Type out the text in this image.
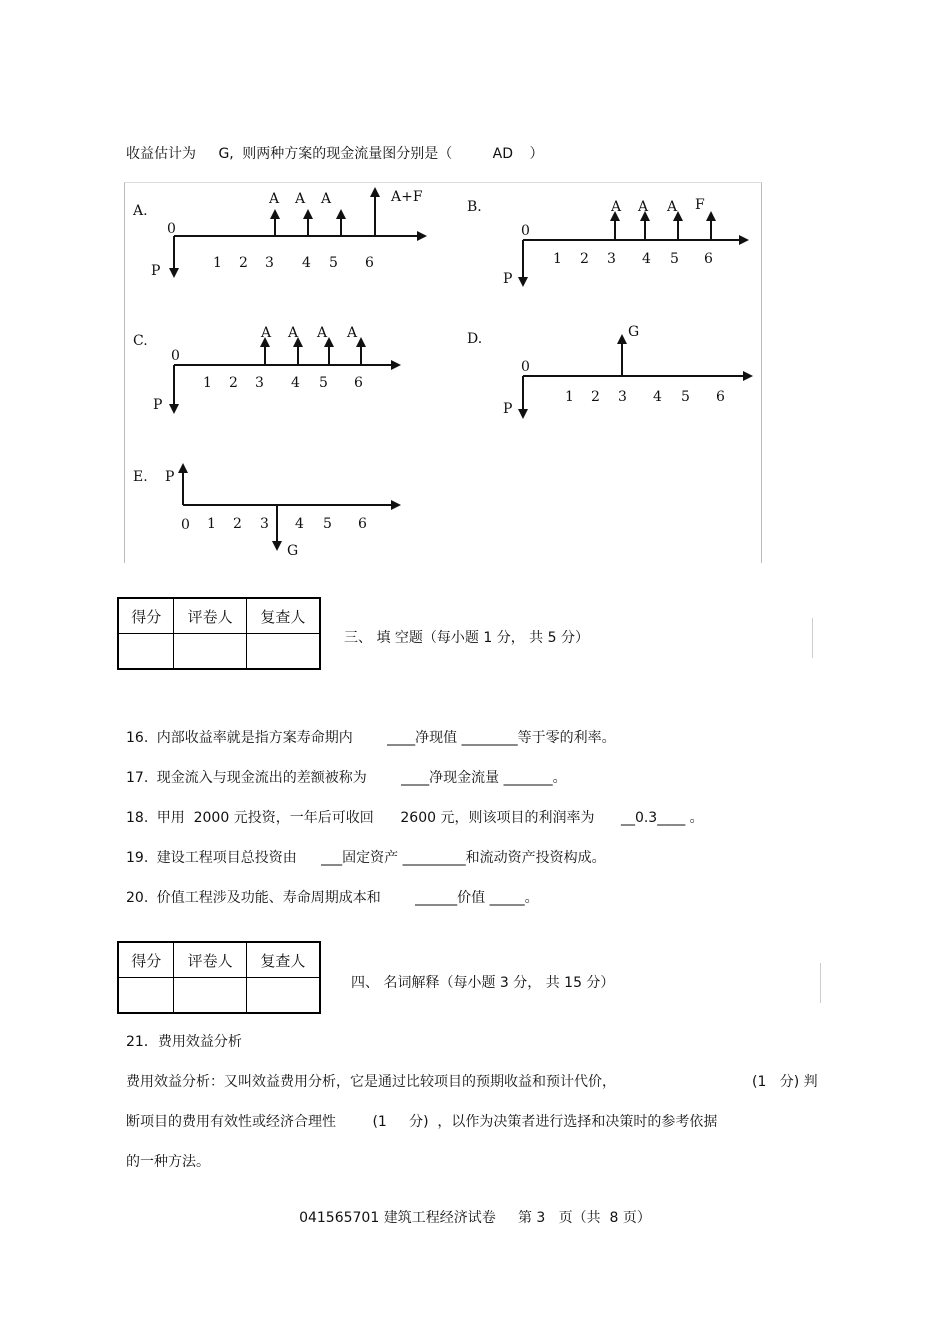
收益估计为 G, 则两种方案的现金流量图分别是（	AD ）
A.
0
P	1 2 3 4 5 6
A A A	A+F
B.
0
P
1 2 3 4 5 6
A A A F
C.
0
P
1 2 3 4 5 6
A A A A	D.
0
P
1 2 3 4 5 6
G
E. P
0 1 2 3 4 5 6
G
得分	评卷人	复查人

三、 填 空题（每小题 1 分， 共 5 分）
16. 内部收益率就是指方案寿命期内 ____净现值 ________等于零的利率。
17. 现金流入与现金流出的差额被称为 ____净现金流量 _______。
18. 甲用  2000 元投资，一年后可收回      2600 元，则该项目的利润率为 __0.3____ 。
19. 建设工程项目总投资由 ___固定资产 _________和流动资产投资构成。
20. 价值工程涉及功能、寿命周期成本和 ______价值 _____。
得分	评卷人	复查人

四、 名词解释（每小题 3 分， 共 15 分）
21．费用效益分析
费用效益分析：又叫效益费用分析，它是通过比较项目的预期收益和预计代价，	(1   分) 判
断项目的费用有效性或经济合理性	(1     分)  ，以作为决策者进行选择和决策时的参考依据
的一种方法。
041565701 建筑工程经济试卷     第 3   页（共  8 页）
